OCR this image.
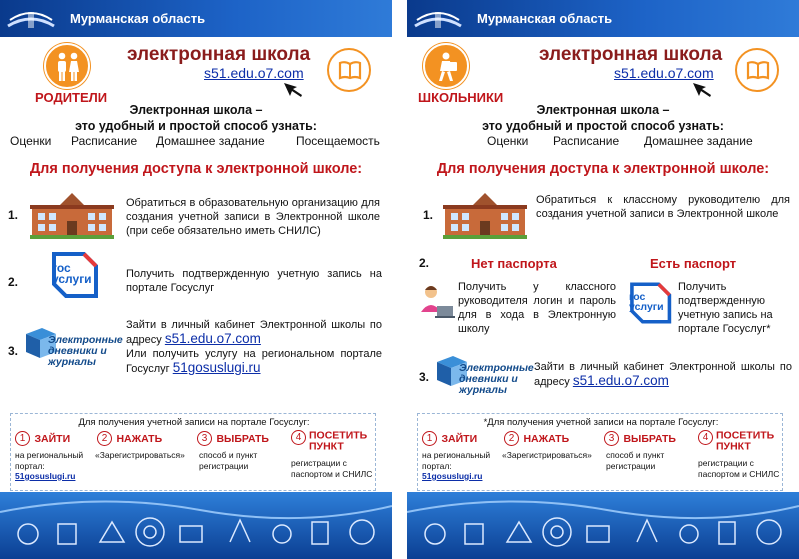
Мурманская область
РОДИТЕЛИ
электронная школа
s51.edu.o7.com
Электронная школа –
это удобный и простой способ узнать:
Оценки Расписание Домашнее задание	Посещаемость
Для получения доступа к электронной школе:
1.
Обратиться в образовательную организацию для создания учетной записи в Электронной школе (при себе обязательно иметь СНИЛС)
2.
гос
услуги	Получить подтвержденную учетную запись на портале Госуслуг
3.
Электронные
дневники и
журналы
Зайти в личный кабинет Электронной школы по адресу s51.edu.o7.com
Или получить услугу на региональном портале Госуслуг 51gosuslugi.ru
Для получения учетной записи на портале Госуслуг:
1 ЗАЙТИ
на региональный портал:
51gosuslugi.ru
2 НАЖАТЬ
«Зарегистрироваться»
3 ВЫБРАТЬ
способ и пункт регистрации
4 ПОСЕТИТЬ ПУНКТ
регистрации с паспортом и СНИЛС
Мурманская область
ШКОЛЬНИКИ
электронная школа
s51.edu.o7.com
Электронная школа –
это удобный и простой способ узнать:
Оценки Расписание Домашнее задание
Для получения доступа к электронной школе:
1.
Обратиться к классному руководителю для создания учетной записи в Электронной школе
2.	Нет паспорта	Есть паспорт
Получить у классного руководителя логин и пароль для в хода в Электронную школу
гос
услуги
Получить подтвержденную учетную запись на портале Госуслуг*
3.
Электронные
дневники и
журналы
Зайти в личный кабинет Электронной школы по адресу s51.edu.o7.com
*Для получения учетной записи на портале Госуслуг:
1 ЗАЙТИ
на региональный портал:
51gosuslugi.ru
2 НАЖАТЬ
«Зарегистрироваться»
3 ВЫБРАТЬ
способ и пункт регистрации
4 ПОСЕТИТЬ ПУНКТ
регистрации с паспортом и СНИЛС
